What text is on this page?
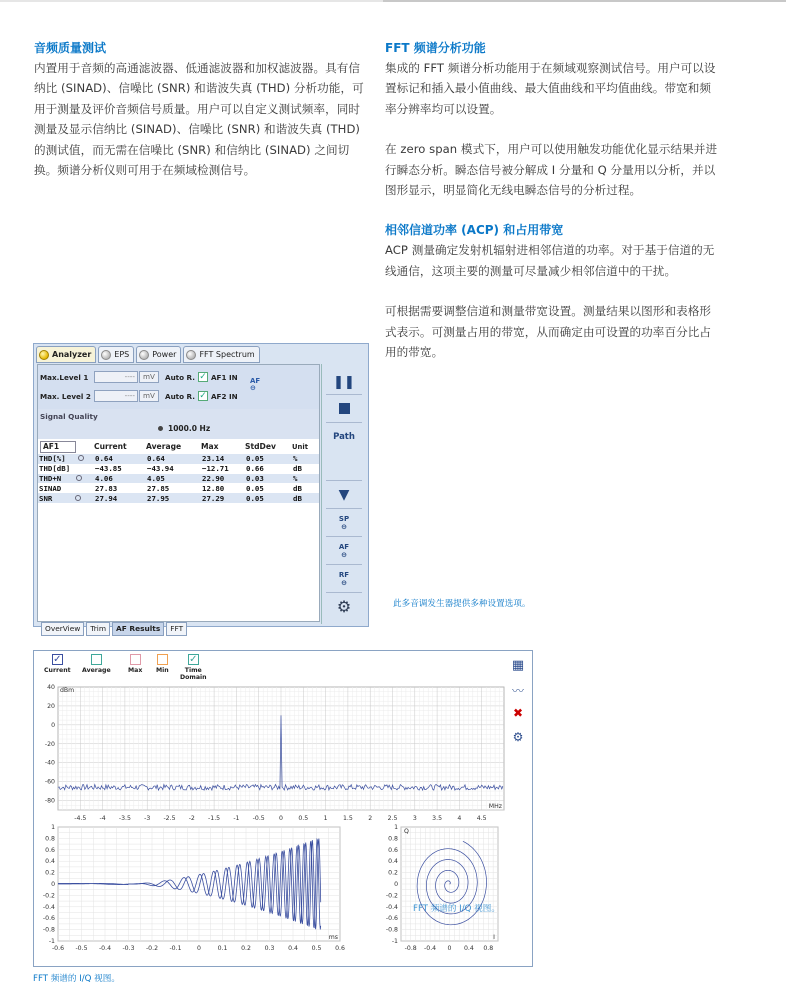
音频质量测试

内置用于音频的高通滤波器、低通滤波器和加权滤波器。具有信纳比 (SINAD)、信噪比 (SNR) 和谐波失真 (THD) 分析功能，可用于测量及评价音频信号质量。用户可以自定义测试频率，同时测量及显示信纳比 (SINAD)、信噪比 (SNR) 和谐波失真 (THD) 的测试值，而无需在信噪比 (SNR) 和信纳比 (SINAD) 之间切换。频谱分析仪则可用于在频域检测信号。

FFT 频谱分析功能

集成的 FFT 频谱分析功能用于在频域观察测试信号。用户可以设置标记和插入最小值曲线、最大值曲线和平均值曲线。带宽和频率分辨率均可以设置。

在 zero span 模式下，用户可以使用触发功能优化显示结果并进行瞬态分析。瞬态信号被分解成 I 分量和 Q 分量用以分析，并以图形显示，明显简化无线电瞬态信号的分析过程。

相邻信道功率 (ACP) 和占用带宽

ACP 测量确定发射机辐射进相邻信道的功率。对于基于信道的无线通信，这项主要的测量可尽量减少相邻信道中的干扰。

可根据需要调整信道和测量带宽设置。测量结果以图形和表格形式表示。可测量占用的带宽，从而确定由可设置的功率百分比占用的带宽。

此多音调发生器提供多种设置选项。
Analyzer	EPS	Power	FFT Spectrum
Max.Level 1	----	mV	Auto R. ✓ AF1 IN
Max. Level 2	----	mV	Auto R. ✓ AF2 IN
AF
⊖
Signal Quality
1000.0 Hz
AF1	Current	Average	Max	StdDev	Unit
THD[%]	0.64	0.64	23.14	0.05	%
THD[dB]	−43.85	−43.94	−12.71	0.66	dB
THD+N	4.06	4.05	22.90	0.03	%
SINAD	27.83	27.85	12.80	0.05	dB
SNR	27.94	27.95	27.29	0.05	dB
OverView	Trim	AF Results	FFT
❚❚
Path
▼
SP
⊖
AF
⊖
RF
⊖
⚙
✓
Current Average	Max Min
✓
Time Domain
▦
〰
✖
⚙
40
20
0
-20
-40
-60
-80
-4.5 -4 -3.5 -3 -2.5 -2 -1.5 -1 -0.5 0 0.5 1 1.5 2 2.5 3 3.5 4 4.5
dBm
MHz
1
0.8
0.6
0.4
0.2
0
-0.2
-0.4
-0.6
-0.8
-1
-0.6 -0.5 -0.4 -0.3 -0.2 -0.1 0	0.1 0.2 0.3 0.4 0.5 0.6
ms
1
0.8
0.6
0.4
0.2
0
-0.2
-0.4
-0.6
-0.8
-1
-0.8 -0.4 0 0.4 0.8
Q
I
FFT 频谱的 I/Q 视图。
FFT 频谱的 I/Q 视图。
